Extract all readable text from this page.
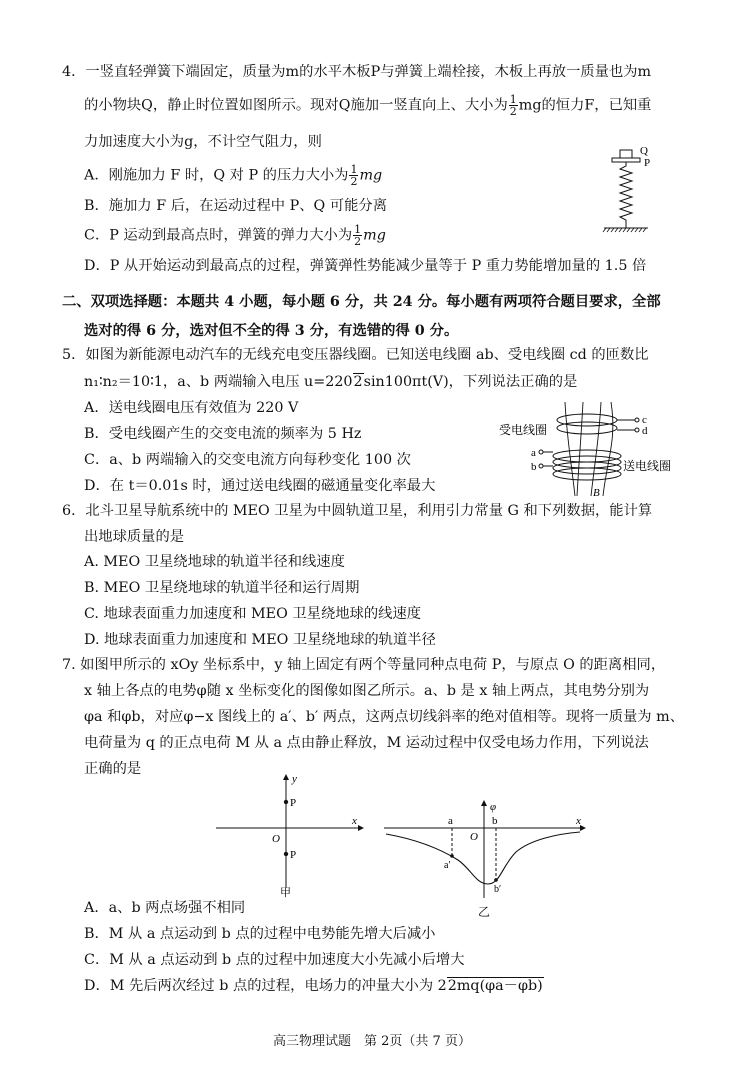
4．一竖直轻弹簧下端固定，质量为m的水平木板P与弹簧上端栓接，木板上再放一质量也为m
的小物块Q，静止时位置如图所示。现对Q施加一竖直向上、大小为 $\frac{1}{2}$ mg的恒力F，已知重
力加速度大小为g，不计空气阻力，则
A．刚施加力 F 时，Q 对 P 的压力大小为 $\frac{1}{2}$ mg
B．施加力 F 后，在运动过程中 P、Q 可能分离
C．P 运动到最高点时，弹簧的弹力大小为 $\frac{1}{2}$ mg
D．P 从开始运动到最高点的过程，弹簧弹性势能减少量等于 P 重力势能增加量的 1.5 倍
Q
P
二、双项选择题：本题共 4 小题，每小题 6 分，共 24 分。每小题有两项符合题目要求，全部
选对的得 6 分，选对但不全的得 3 分，有选错的得 0 分。
5．如图为新能源电动汽车的无线充电变压器线圈。已知送电线圈 ab、受电线圈 cd 的匝数比
n₁∶n₂＝10∶1，a、b 两端输入电压 u=2202sin100πt(V)，下列说法正确的是
A．送电线圈电压有效值为 220 V
B．受电线圈产生的交变电流的频率为 5 Hz
C．a、b 两端输入的交变电流方向每秒变化 100 次
D．在 t＝0.01s 时，通过送电线圈的磁通量变化率最大
受电线圈
送电线圈
c
d
a
b
B
6．北斗卫星导航系统中的 MEO 卫星为中圆轨道卫星，利用引力常量 G 和下列数据，能计算
出地球质量的是
A. MEO 卫星绕地球的轨道半径和线速度
B. MEO 卫星绕地球的轨道半径和运行周期
C. 地球表面重力加速度和 MEO 卫星绕地球的线速度
D. 地球表面重力加速度和 MEO 卫星绕地球的轨道半径
7. 如图甲所示的 xOy 坐标系中，y 轴上固定有两个等量同种点电荷 P，与原点 O 的距离相同，
x 轴上各点的电势φ随 x 坐标变化的图像如图乙所示。a、b 是 x 轴上两点，其电势分别为
φa 和φb，对应φ−x 图线上的 a′、b′ 两点，这两点切线斜率的绝对值相等。现将一质量为 m、
电荷量为 q 的正点电荷 M 从 a 点由静止释放，M 运动过程中仅受电场力作用，下列说法
正确的是
y
x
O
P
P
甲
φ
x
O
a	b
a′
b′
乙
A．a、b 两点场强不相同
B．M 从 a 点运动到 b 点的过程中电势能先增大后减小
C．M 从 a 点运动到 b 点的过程中加速度大小先减小后增大
D．M 先后两次经过 b 点的过程，电场力的冲量大小为 22mq(φa－φb)
高三物理试题　第 2页（共 7 页）
